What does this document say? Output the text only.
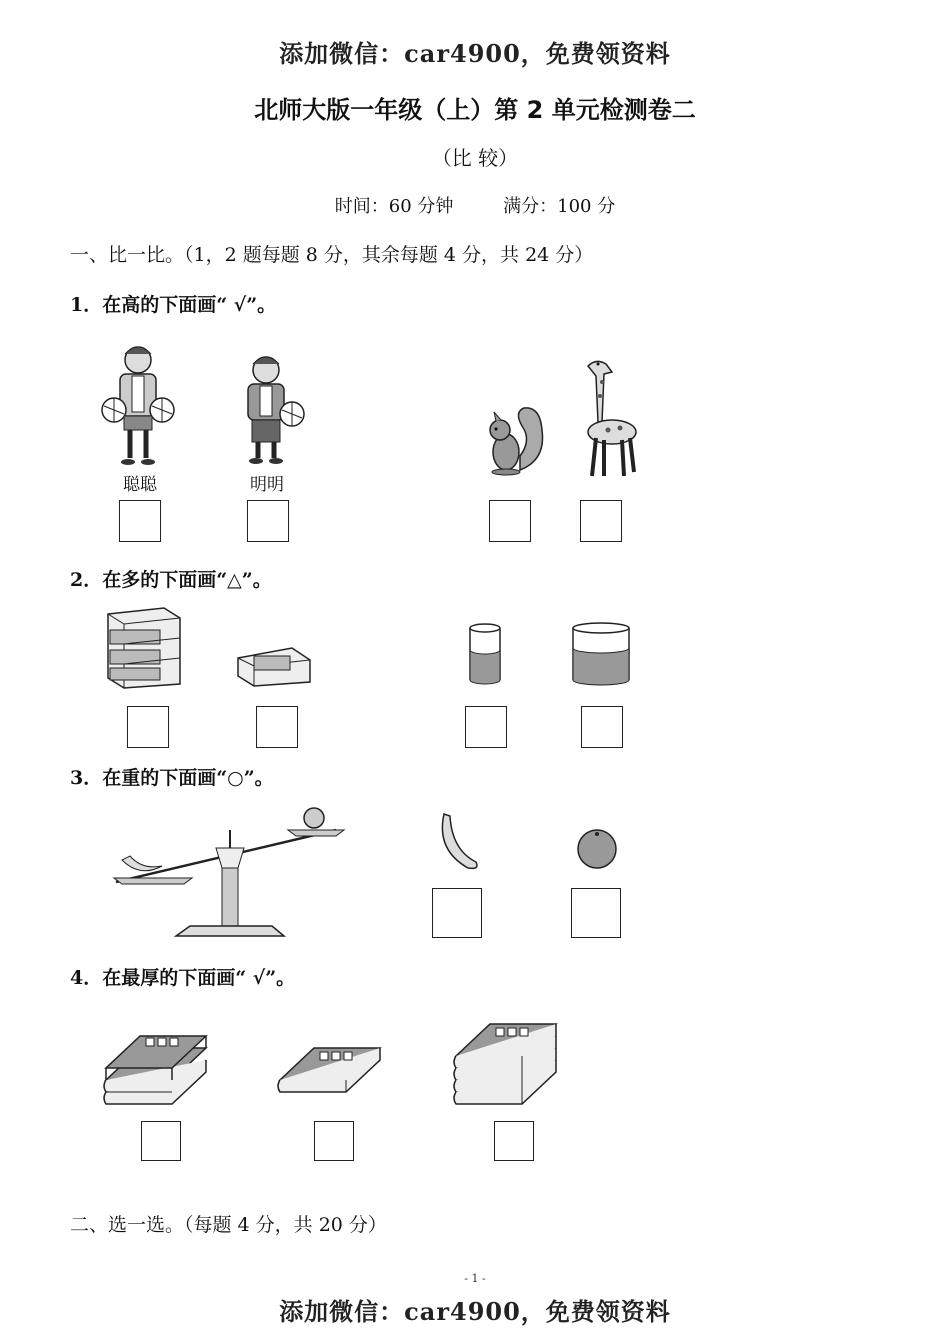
添加微信：car4900，免费领资料
北师大版一年级（上）第 2 单元检测卷二
（比 较）
时间：60 分钟	满分：100 分
一、比一比。（1，2 题每题 8 分，其余每题 4 分，共 24 分）
1．在高的下面画“ √”。
聪聪	明明
2．在多的下面画“△”。
3．在重的下面画“○”。
4．在最厚的下面画“ √”。
二、选一选。（每题 4 分，共 20 分）
- 1 -
添加微信：car4900，免费领资料
